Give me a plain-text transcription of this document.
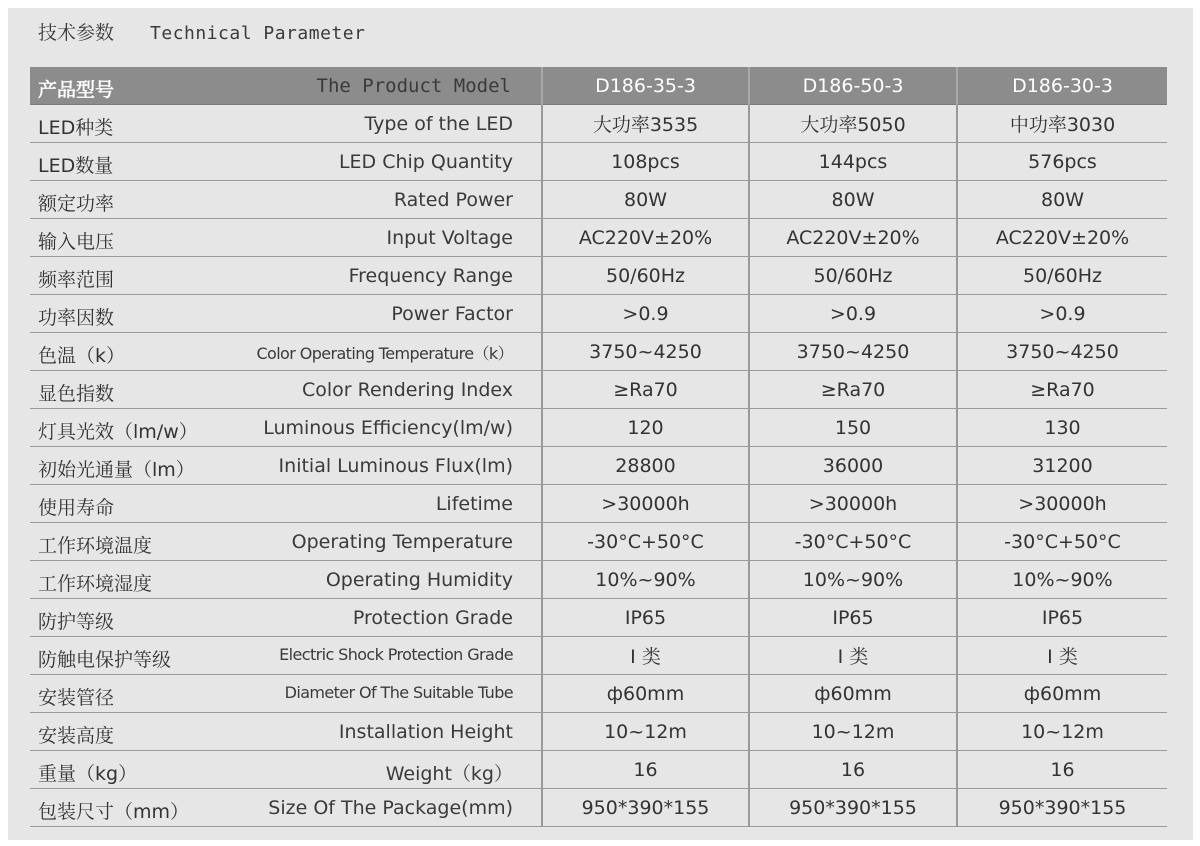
技术参数 Technical Parameter
产品型号 The Product Model	D186-35-3	D186-50-3	D186-30-3

LED种类 Type of the LED	大功率3535	大功率5050	中功率3030

LED数量 LED Chip Quantity	108pcs	144pcs	576pcs

额定功率 Rated Power	80W	80W	80W

输入电压 Input Voltage	AC220V±20%	AC220V±20%	AC220V±20%

频率范围 Frequency Range	50/60Hz	50/60Hz	50/60Hz

功率因数 Power Factor	>0.9	>0.9	>0.9

色温（k） Color Operating Temperature（k）	3750~4250	3750~4250	3750~4250

显色指数 Color Rendering Index	≥Ra70	≥Ra70	≥Ra70

灯具光效（lm/w） Luminous Efficiency(lm/w)	120	150	130

初始光通量（lm） Initial Luminous Flux(lm)	28800	36000	31200

使用寿命 Lifetime	>30000h	>30000h	>30000h

工作环境温度 Operating Temperature	-30°C+50°C	-30°C+50°C	-30°C+50°C

工作环境湿度 Operating Humidity	10%~90%	10%~90%	10%~90%

防护等级 Protection Grade	IP65	IP65	IP65

防触电保护等级 Electric Shock Protection Grade	I 类	I 类	I 类

安装管径 Diameter Of The Suitable Tube	ф60mm	ф60mm	ф60mm

安装高度 Installation Height	10~12m	10~12m	10~12m

重量（kg） Weight（kg）	16	16	16

包装尺寸（mm） Size Of The Package(mm)	950*390*155	950*390*155	950*390*155
